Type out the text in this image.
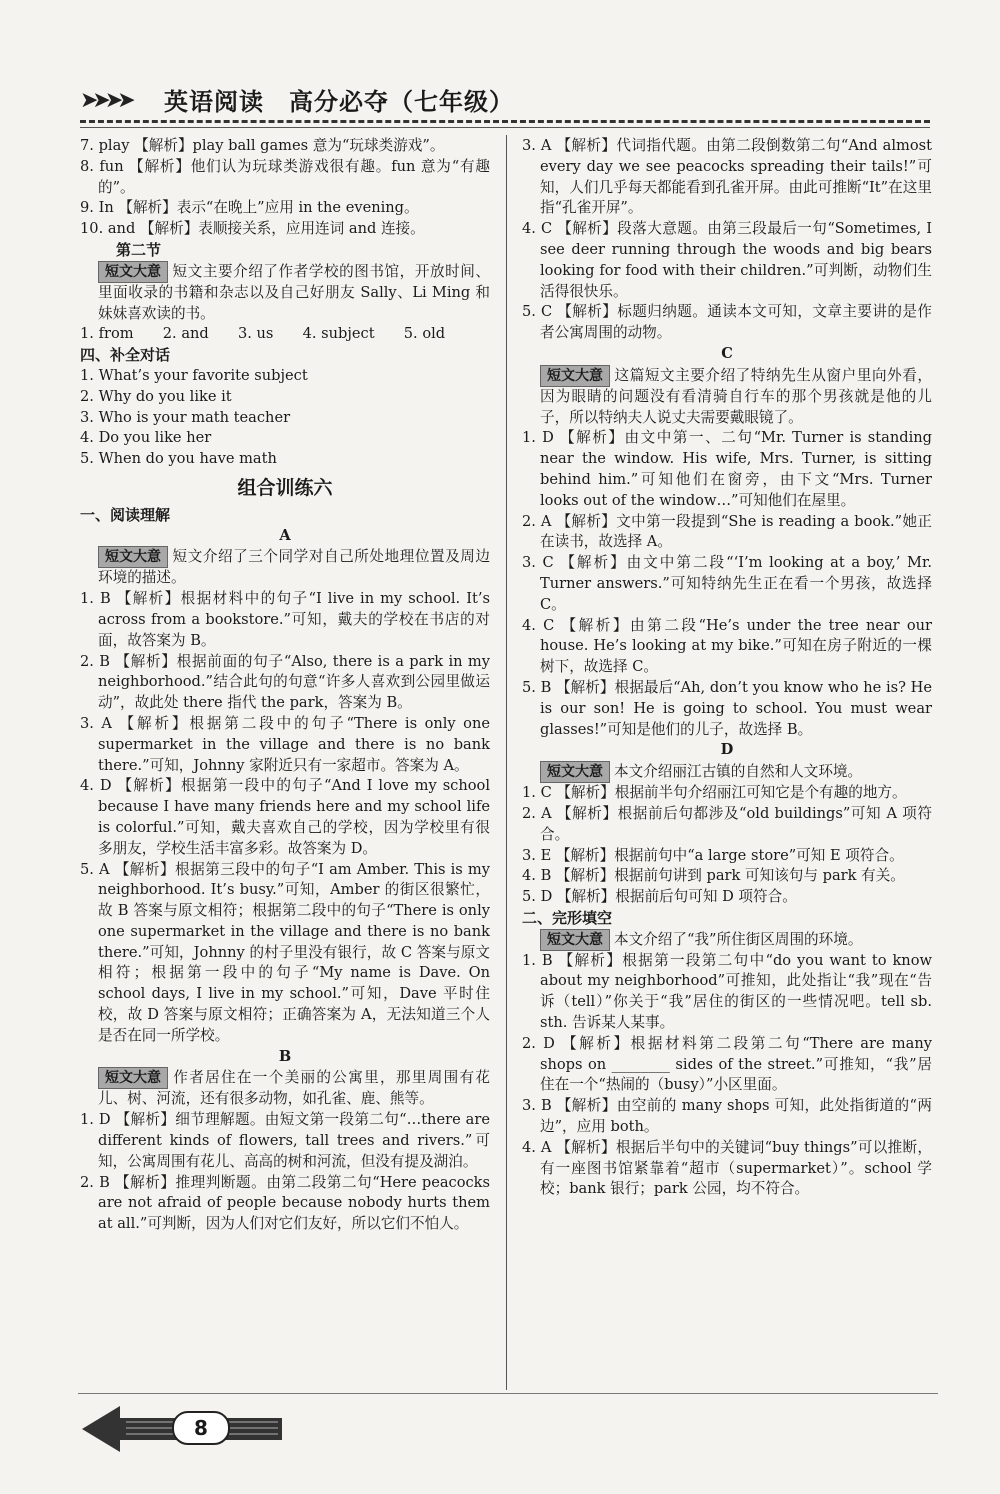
➤➤➤➤ 英语阅读　高分必夺（七年级）

7. play 【解析】play ball games 意为“玩球类游戏”。

8. fun 【解析】他们认为玩球类游戏很有趣。fun 意为“有趣的”。

9. In 【解析】表示“在晚上”应用 in the evening。

10. and 【解析】表顺接关系，应用连词 and 连接。

第二节

短文大意 短文主要介绍了作者学校的图书馆，开放时间、里面收录的书籍和杂志以及自己好朋友 Sally、Li Ming 和妹妹喜欢读的书。

1. from　　2. and　　3. us　　4. subject　　5. old

四、补全对话

1. What’s your favorite subject

2. Why do you like it

3. Who is your math teacher

4. Do you like her

5. When do you have math

组合训练六

一、阅读理解

A

短文大意 短文介绍了三个同学对自己所处地理位置及周边环境的描述。

1. B 【解析】根据材料中的句子“I live in my school. It’s across from a bookstore.”可知，戴夫的学校在书店的对面，故答案为 B。

2. B 【解析】根据前面的句子“Also, there is a park in my neighborhood.”结合此句的句意“许多人喜欢到公园里做运动”，故此处 there 指代 the park，答案为 B。

3. A 【解析】根据第二段中的句子“There is only one supermarket in the village and there is no bank there.”可知，Johnny 家附近只有一家超市。答案为 A。

4. D 【解析】根据第一段中的句子“And I love my school because I have many friends here and my school life is colorful.”可知，戴夫喜欢自己的学校，因为学校里有很多朋友，学校生活丰富多彩。故答案为 D。

5. A 【解析】根据第三段中的句子“I am Amber. This is my neighborhood. It’s busy.”可知，Amber 的街区很繁忙，故 B 答案与原文相符；根据第二段中的句子“There is only one supermarket in the village and there is no bank there.”可知，Johnny 的村子里没有银行，故 C 答案与原文相符；根据第一段中的句子“My name is Dave. On school days, I live in my school.”可知，Dave 平时住校，故 D 答案与原文相符；正确答案为 A，无法知道三个人是否在同一所学校。

B

短文大意 作者居住在一个美丽的公寓里，那里周围有花儿、树、河流，还有很多动物，如孔雀、鹿、熊等。

1. D 【解析】细节理解题。由短文第一段第二句“…there are different kinds of flowers, tall trees and rivers.”可知，公寓周围有花儿、高高的树和河流，但没有提及湖泊。

2. B 【解析】推理判断题。由第二段第二句“Here peacocks are not afraid of people because nobody hurts them at all.”可判断，因为人们对它们友好，所以它们不怕人。

3. A 【解析】代词指代题。由第二段倒数第二句“And almost every day we see peacocks spreading their tails!”可知，人们几乎每天都能看到孔雀开屏。由此可推断“It”在这里指“孔雀开屏”。

4. C 【解析】段落大意题。由第三段最后一句“Sometimes, I see deer running through the woods and big bears looking for food with their children.”可判断，动物们生活得很快乐。

5. C 【解析】标题归纳题。通读本文可知，文章主要讲的是作者公寓周围的动物。

C

短文大意 这篇短文主要介绍了特纳先生从窗户里向外看，因为眼睛的问题没有看清骑自行车的那个男孩就是他的儿子，所以特纳夫人说丈夫需要戴眼镜了。

1. D 【解析】由文中第一、二句“Mr. Turner is standing near the window. His wife, Mrs. Turner, is sitting behind him.”可知他们在窗旁，由下文“Mrs. Turner looks out of the window…”可知他们在屋里。

2. A 【解析】文中第一段提到“She is reading a book.”她正在读书，故选择 A。

3. C 【解析】由文中第二段“‘I’m looking at a boy,’ Mr. Turner answers.”可知特纳先生正在看一个男孩，故选择 C。

4. C 【解析】由第二段“He’s under the tree near our house. He’s looking at my bike.”可知在房子附近的一棵树下，故选择 C。

5. B 【解析】根据最后“Ah, don’t you know who he is? He is our son! He is going to school. You must wear glasses!”可知是他们的儿子，故选择 B。

D

短文大意 本文介绍丽江古镇的自然和人文环境。

1. C 【解析】根据前半句介绍丽江可知它是个有趣的地方。

2. A 【解析】根据前后句都涉及“old buildings”可知 A 项符合。

3. E 【解析】根据前句中“a large store”可知 E 项符合。

4. B 【解析】根据前句讲到 park 可知该句与 park 有关。

5. D 【解析】根据前后句可知 D 项符合。

二、完形填空

短文大意 本文介绍了“我”所住街区周围的环境。

1. B 【解析】根据第一段第二句中“do you want to know about my neighborhood”可推知，此处指让“我”现在“告诉（tell）”你关于“我”居住的街区的一些情况吧。tell sb. sth. 告诉某人某事。

2. D 【解析】根据材料第二段第二句“There are many shops on ________ sides of the street.”可推知，“我”居住在一个“热闹的（busy）”小区里面。

3. B 【解析】由空前的 many shops 可知，此处指街道的“两边”，应用 both。

4. A 【解析】根据后半句中的关键词“buy things”可以推断，有一座图书馆紧靠着“超市（supermarket）”。school 学校；bank 银行；park 公园，均不符合。

8
